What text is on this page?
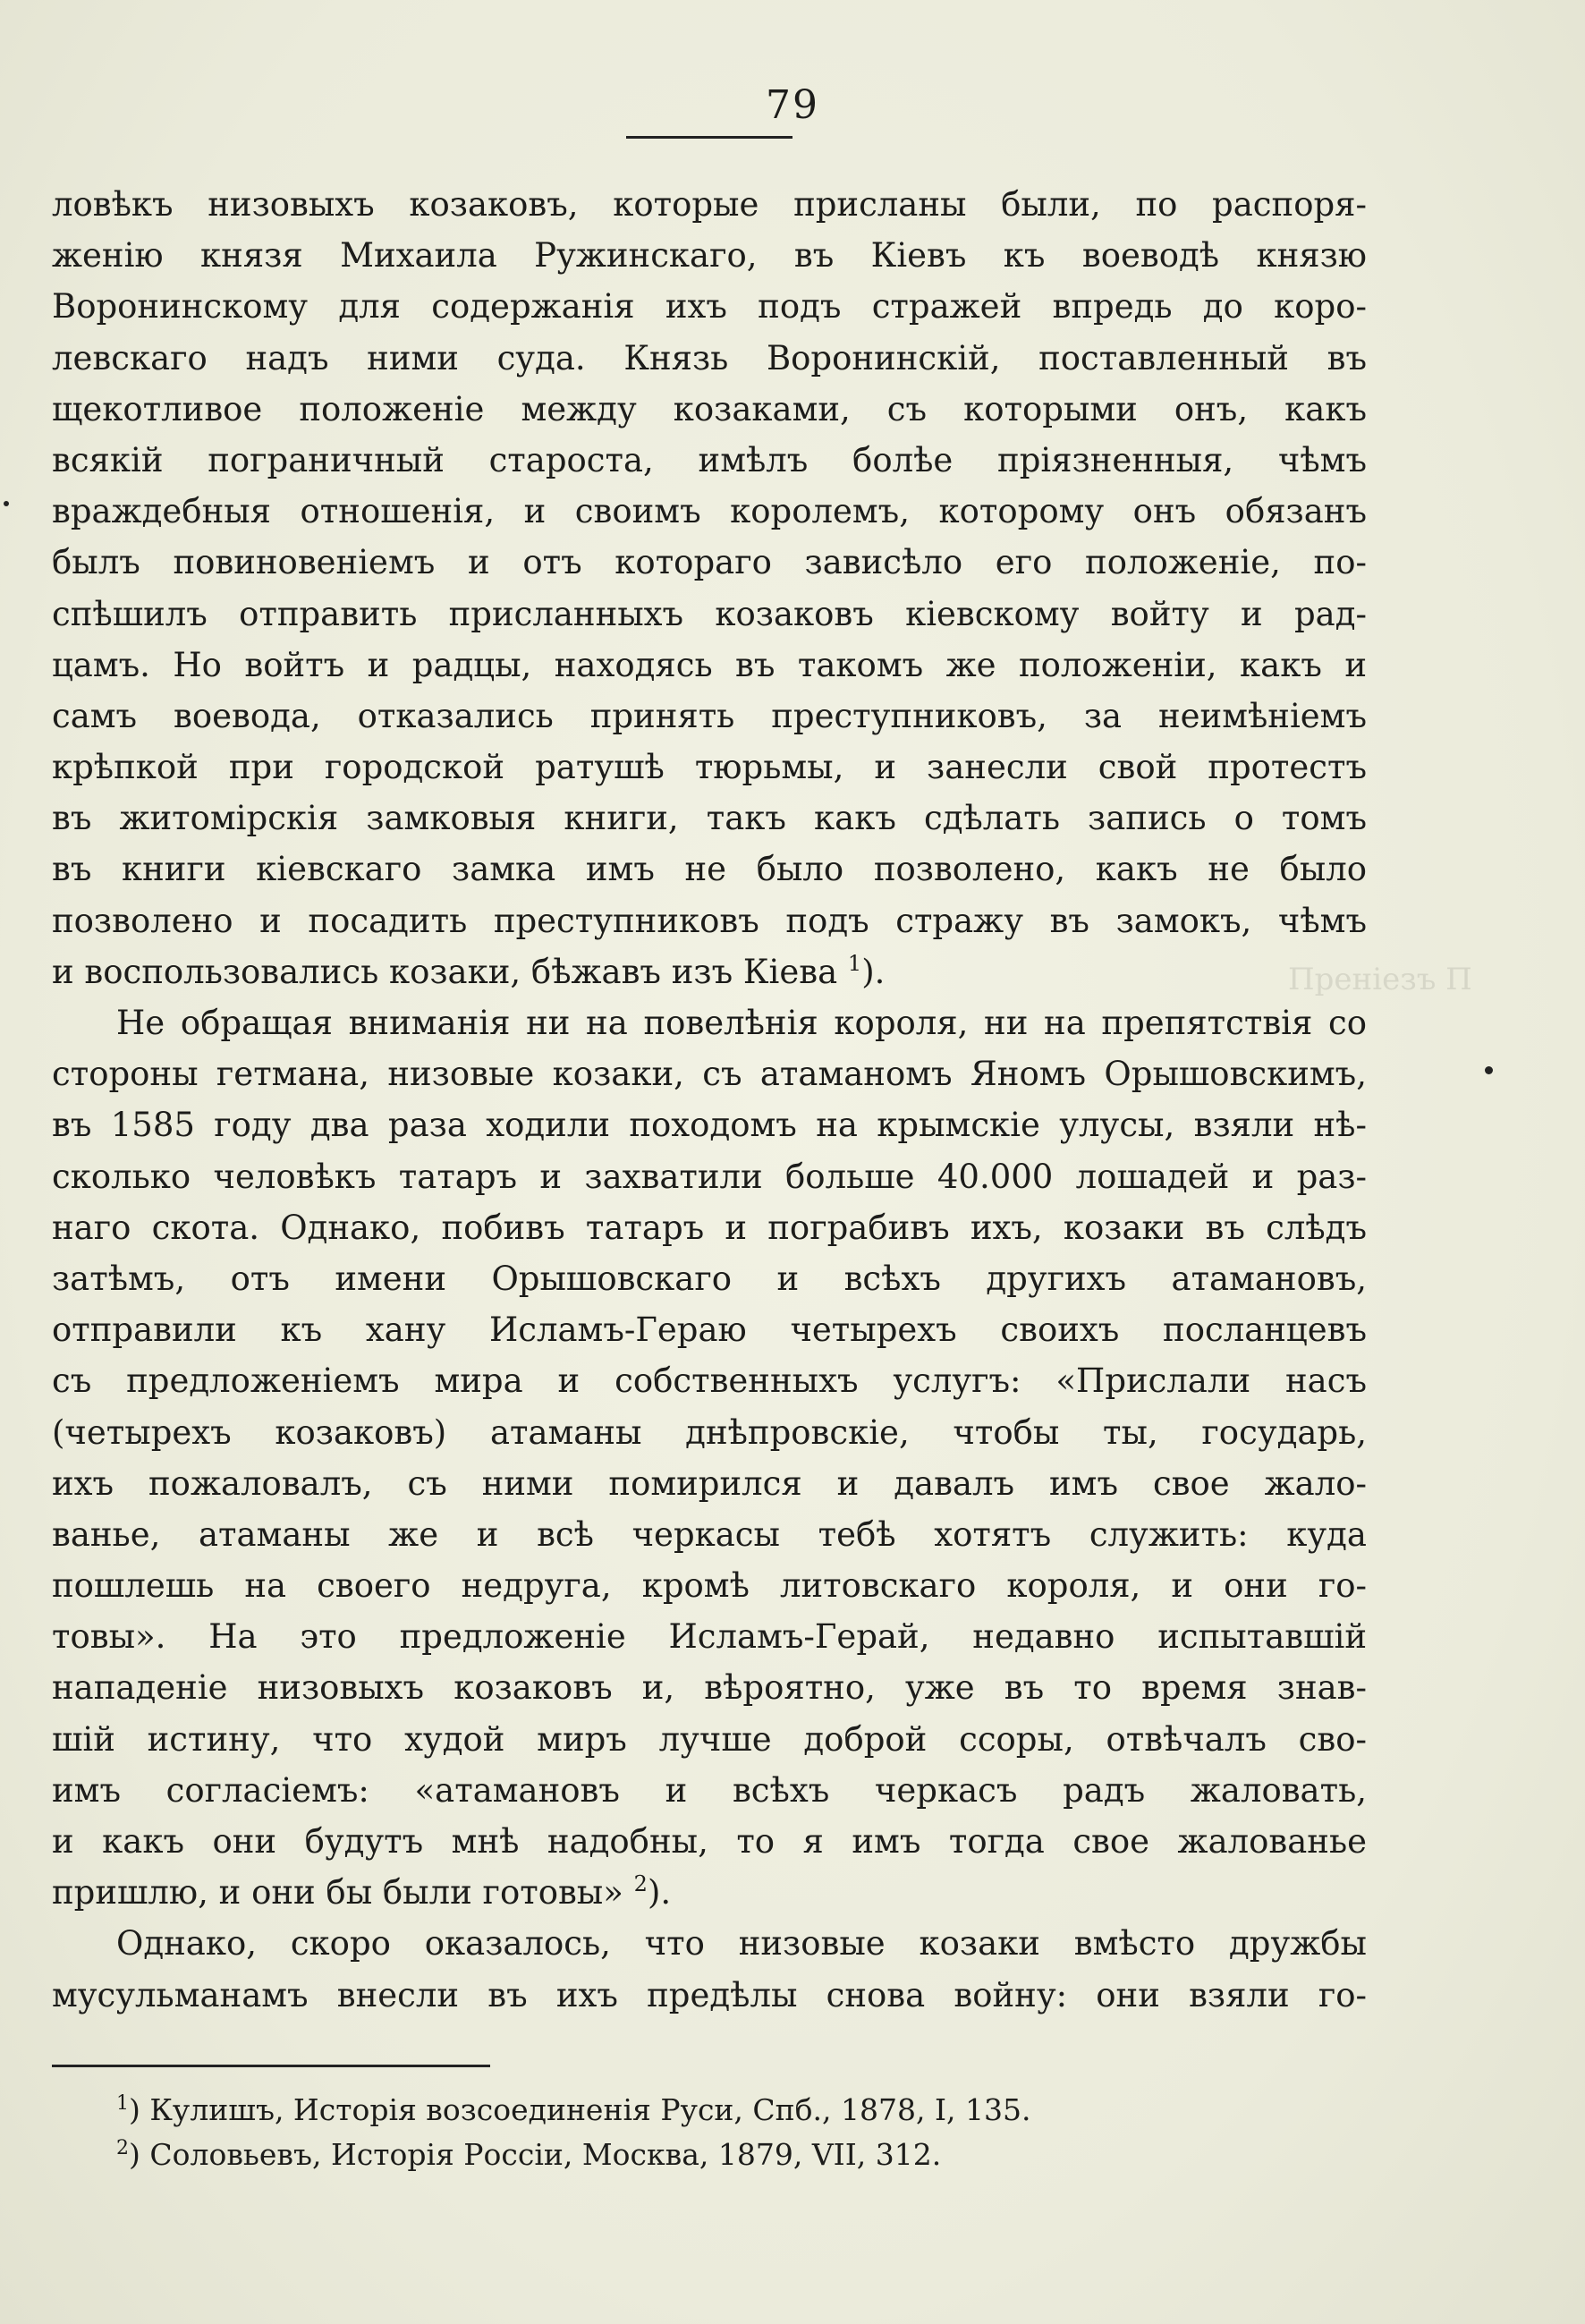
Преніезъ П
79
ловѣкъ низовыхъ козаковъ, которые присланы были, по распоря-
женію князя Михаила Ружинскаго, въ Кіевъ къ воеводѣ князю
Воронинскому для содержанія ихъ подъ стражей впредь до коро-
левскаго надъ ними суда. Князь Воронинскій, поставленный въ
щекотливое положеніе между козаками, съ которыми онъ, какъ
всякій пограничный староста, имѣлъ болѣе пріязненныя, чѣмъ
враждебныя отношенія, и своимъ королемъ, которому онъ обязанъ
былъ повиновеніемъ и отъ котораго зависѣло его положеніе, по-
спѣшилъ отправить присланныхъ козаковъ кіевскому войту и рад-
цамъ. Но войтъ и радцы, находясь въ такомъ же положеніи, какъ и
самъ воевода, отказались принять преступниковъ, за неимѣніемъ
крѣпкой при городской ратушѣ тюрьмы, и занесли свой протестъ
въ житомірскія замковыя книги, такъ какъ сдѣлать запись о томъ
въ книги кіевскаго замка имъ не было позволено, какъ не было
позволено и посадить преступниковъ подъ стражу въ замокъ, чѣмъ
и воспользовались козаки, бѣжавъ изъ Кіева $^1$).
Не обращая вниманія ни на повелѣнія короля, ни на препятствія со
стороны гетмана, низовые козаки, съ атаманомъ Яномъ Орышовскимъ,
въ 1585 году два раза ходили походомъ на крымскіе улусы, взяли нѣ-
сколько человѣкъ татаръ и захватили больше 40.000 лошадей и раз-
наго скота. Однако, побивъ татаръ и пограбивъ ихъ, козаки въ слѣдъ
затѣмъ, отъ имени Орышовскаго и всѣхъ другихъ атамановъ,
отправили къ хану Исламъ-Гераю четырехъ своихъ посланцевъ
съ предложеніемъ мира и собственныхъ услугъ: «Прислали насъ
(четырехъ козаковъ) атаманы днѣпровскіе, чтобы ты, государь,
ихъ пожаловалъ, съ ними помирился и давалъ имъ свое жало-
ванье, атаманы же и всѣ черкасы тебѣ хотятъ служить: куда
пошлешь на своего недруга, кромѣ литовскаго короля, и они го-
товы». На это предложеніе Исламъ-Герай, недавно испытавшій
нападеніе низовыхъ козаковъ и, вѣроятно, уже въ то время знав-
шій истину, что худой миръ лучше доброй ссоры, отвѣчалъ сво-
имъ согласіемъ: «атамановъ и всѣхъ черкасъ радъ жаловать,
и какъ они будутъ мнѣ надобны, то я имъ тогда свое жалованье
пришлю, и они бы были готовы» $^2$).
Однако, скоро оказалось, что низовые козаки вмѣсто дружбы
мусульманамъ внесли въ ихъ предѣлы снова войну: они взяли го-
$^1$) Кулишъ, Исторія возсоединенія Руси, Спб., 1878, I, 135.
$^2$) Соловьевъ, Исторія Россіи, Москва, 1879, VII, 312.
